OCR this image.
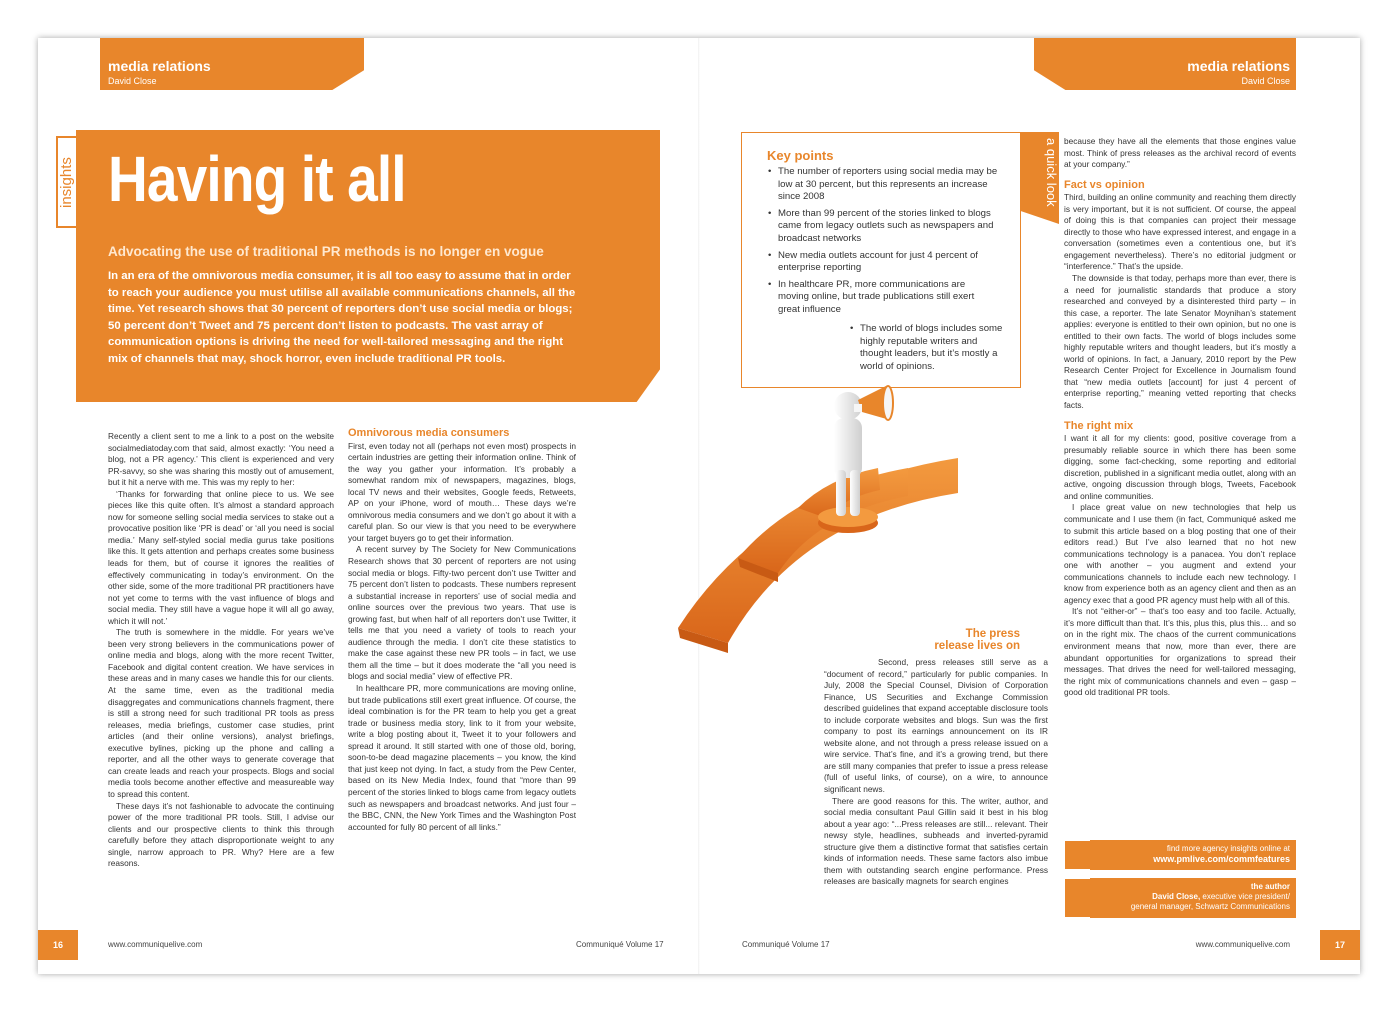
media relations
David Close
media relations
David Close
insights Having it all
Advocating the use of traditional PR methods is no longer en vogue
In an era of the omnivorous media consumer, it is all too easy to assume that in order to reach your audience you must utilise all available communications channels, all the time. Yet research shows that 30 percent of reporters don’t use social media or blogs; 50 percent don’t Tweet and 75 percent don’t listen to podcasts. The vast array of communication options is driving the need for well-tailored messaging and the right mix of channels that may, shock horror, even include traditional PR tools.

Recently a client sent to me a link to a post on the website socialmediatoday.com that said, almost exactly: ‘You need a blog, not a PR agency.’ This client is experienced and very PR-savvy, so she was sharing this mostly out of amusement, but it hit a nerve with me. This was my reply to her:

‘Thanks for forwarding that online piece to us. We see pieces like this quite often. It’s almost a standard approach now for someone selling social media services to stake out a provocative position like ‘PR is dead’ or ‘all you need is social media.’ Many self-styled social media gurus take positions like this. It gets attention and perhaps creates some business leads for them, but of course it ignores the realities of effectively communicating in today’s environment. On the other side, some of the more traditional PR practitioners have not yet come to terms with the vast influence of blogs and social media. They still have a vague hope it will all go away, which it will not.’

The truth is somewhere in the middle. For years we’ve been very strong believers in the communications power of online media and blogs, along with the more recent Twitter, Facebook and digital content creation. We have services in these areas and in many cases we handle this for our clients. At the same time, even as the traditional media disaggregates and communications channels fragment, there is still a strong need for such traditional PR tools as press releases, media briefings, customer case studies, print articles (and their online versions), analyst briefings, executive bylines, picking up the phone and calling a reporter, and all the other ways to generate coverage that can create leads and reach your prospects. Blogs and social media tools become another effective and measureable way to spread this content.

These days it’s not fashionable to advocate the continuing power of the more traditional PR tools. Still, I advise our clients and our prospective clients to think this through carefully before they attach disproportionate weight to any single, narrow approach to PR. Why? Here are a few reasons.

Omnivorous media consumers

First, even today not all (perhaps not even most) prospects in certain industries are getting their information online. Think of the way you gather your information. It’s probably a somewhat random mix of newspapers, magazines, blogs, local TV news and their websites, Google feeds, Retweets, AP on your iPhone, word of mouth… These days we’re omnivorous media consumers and we don’t go about it with a careful plan. So our view is that you need to be everywhere your target buyers go to get their information.

A recent survey by The Society for New Communications Research shows that 30 percent of reporters are not using social media or blogs. Fifty-two percent don’t use Twitter and 75 percent don’t listen to podcasts. These numbers represent a substantial increase in reporters’ use of social media and online sources over the previous two years. That use is growing fast, but when half of all reporters don’t use Twitter, it tells me that you need a variety of tools to reach your audience through the media. I don’t cite these statistics to make the case against these new PR tools – in fact, we use them all the time – but it does moderate the “all you need is blogs and social media” view of effective PR.

In healthcare PR, more communications are moving online, but trade publications still exert great influence. Of course, the ideal combination is for the PR team to help you get a great trade or business media story, link to it from your website, write a blog posting about it, Tweet it to your followers and spread it around. It still started with one of those old, boring, soon-to-be dead magazine placements – you know, the kind that just keep not dying. In fact, a study from the Pew Center, based on its New Media Index, found that “more than 99 percent of the stories linked to blogs came from legacy outlets such as newspapers and broadcast networks. And just four – the BBC, CNN, the New York Times and the Washington Post accounted for fully 80 percent of all links.”

a quick look
Key points
• The number of reporters using social media may be low at 30 percent, but this represents an increase since 2008
• More than 99 percent of the stories linked to blogs came from legacy outlets such as newspapers and broadcast networks
• New media outlets account for just 4 percent of enterprise reporting
• In healthcare PR, more communications are moving online, but trade publications still exert great influence
• The world of blogs includes some highly reputable writers and thought leaders, but it’s mostly a world of opinions.
The press
release lives on

Second, press releases still serve as a “document of record,” particularly for public companies. In July, 2008 the Special Counsel, Division of Corporation Finance, US Securities and Exchange Commission described guidelines that expand acceptable disclosure tools to include corporate websites and blogs. Sun was the first company to post its earnings announcement on its IR website alone, and not through a press release issued on a wire service. That’s fine, and it’s a growing trend, but there are still many companies that prefer to issue a press release (full of useful links, of course), on a wire, to announce significant news.

There are good reasons for this. The writer, author, and social media consultant Paul Gillin said it best in his blog about a year ago: “...Press releases are still... relevant. Their newsy style, headlines, subheads and inverted-pyramid structure give them a distinctive format that satisfies certain kinds of information needs. These same factors also imbue them with outstanding search engine performance. Press releases are basically magnets for search engines

because they have all the elements that those engines value most. Think of press releases as the archival record of events at your company.”

Fact vs opinion

Third, building an online community and reaching them directly is very important, but it is not sufficient. Of course, the appeal of doing this is that companies can project their message directly to those who have expressed interest, and engage in a conversation (sometimes even a contentious one, but it’s engagement nevertheless). There’s no editorial judgment or “interference.” That’s the upside.

The downside is that today, perhaps more than ever, there is a need for journalistic standards that produce a story researched and conveyed by a disinterested third party – in this case, a reporter. The late Senator Moynihan’s statement applies: everyone is entitled to their own opinion, but no one is entitled to their own facts. The world of blogs includes some highly reputable writers and thought leaders, but it’s mostly a world of opinions. In fact, a January, 2010 report by the Pew Research Center Project for Excellence in Journalism found that “new media outlets [account] for just 4 percent of enterprise reporting,” meaning vetted reporting that checks facts.

The right mix

I want it all for my clients: good, positive coverage from a presumably reliable source in which there has been some digging, some fact-checking, some reporting and editorial discretion, published in a significant media outlet, along with an active, ongoing discussion through blogs, Tweets, Facebook and online communities.

I place great value on new technologies that help us communicate and I use them (in fact, Communiqué asked me to submit this article based on a blog posting that one of their editors read.) But I’ve also learned that no hot new communications technology is a panacea. You don’t replace one with another – you augment and extend your communications channels to include each new technology. I know from experience both as an agency client and then as an agency exec that a good PR agency must help with all of this.

It’s not “either-or” – that’s too easy and too facile. Actually, it’s more difficult than that. It’s this, plus this, plus this… and so on in the right mix. The chaos of the current communications environment means that now, more than ever, there are abundant opportunities for organizations to spread their messages. That drives the need for well-tailored messaging, the right mix of communications channels and even – gasp – good old traditional PR tools.

find more agency insights online at
www.pmlive.com/commfeatures
the author
David Close, executive vice president/
general manager, Schwartz Communications
16	www.communiquelive.com	Communiqué Volume 17	17
www.communiquelive.com
Communiqué Volume 17
